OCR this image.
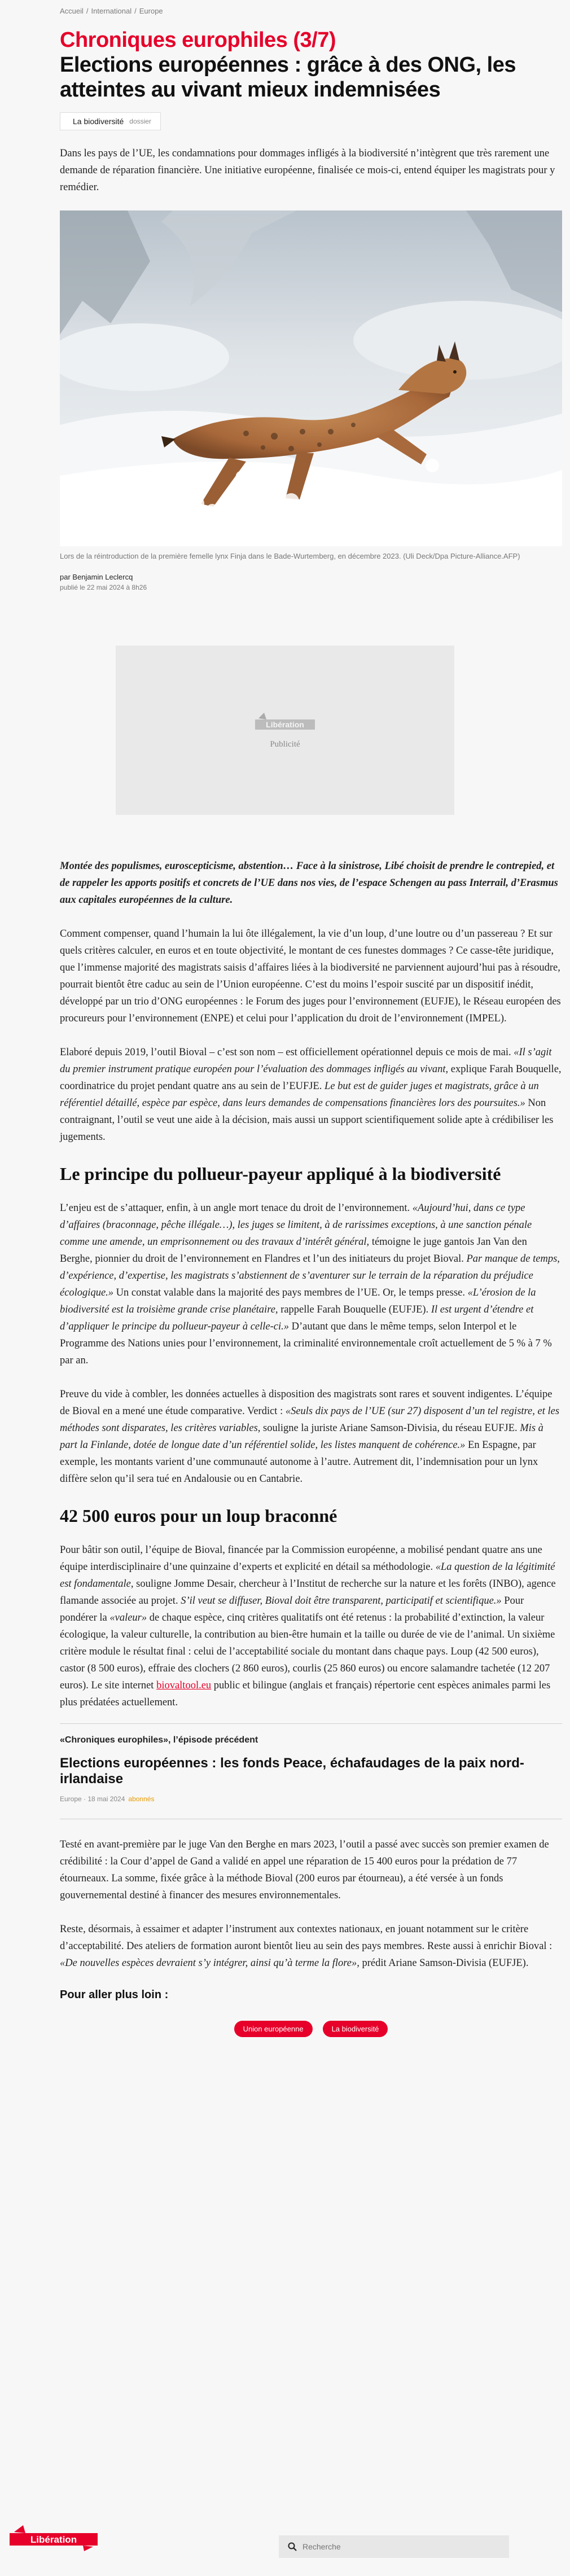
Accueil / International / Europe
Chroniques europhiles (3/7)
Elections européennes : grâce à des ONG, les atteintes au vivant mieux indemnisées
La biodiversité dossier

Dans les pays de l’UE, les condamnations pour dommages infligés à la biodiversité n’intègrent que très rarement une demande de réparation financière. Une initiative européenne, finalisée ce mois-ci, entend équiper les magistrats pour y remédier.

Lors de la réintroduction de la première femelle lynx Finja dans le Bade-Wurtemberg, en décembre 2023. (Uli Deck/Dpa Picture-Alliance.AFP)

par Benjamin Leclercq

publié le 22 mai 2024 à 8h26

Libération
Publicité

Montée des populismes, euroscepticisme, abstention… Face à la sinistrose, Libé choisit de prendre le contrepied, et de rappeler les apports positifs et concrets de l’UE dans nos vies, de l’espace Schengen au pass Interrail, d’Erasmus aux capitales européennes de la culture.

Comment compenser, quand l’humain la lui ôte illégalement, la vie d’un loup, d’une loutre ou d’un passereau ? Et sur quels critères calculer, en euros et en toute objectivité, le montant de ces funestes dommages ? Ce casse-tête juridique, que l’immense majorité des magistrats saisis d’affaires liées à la biodiversité ne parviennent aujourd’hui pas à résoudre, pourrait bientôt être caduc au sein de l’Union européenne. C’est du moins l’espoir suscité par un dispositif inédit, développé par un trio d’ONG européennes : le Forum des juges pour l’environnement (EUFJE), le Réseau européen des procureurs pour l’environnement (ENPE) et celui pour l’application du droit de l’environnement (IMPEL).

Elaboré depuis 2019, l’outil Bioval – c’est son nom – est officiellement opérationnel depuis ce mois de mai. «Il s’agit du premier instrument pratique européen pour l’évaluation des dommages infligés au vivant, explique Farah Bouquelle, coordinatrice du projet pendant quatre ans au sein de l’EUFJE. Le but est de guider juges et magistrats, grâce à un référentiel détaillé, espèce par espèce, dans leurs demandes de compensations financières lors des poursuites.» Non contraignant, l’outil se veut une aide à la décision, mais aussi un support scientifiquement solide apte à crédibiliser les jugements.

Le principe du pollueur-payeur appliqué à la biodiversité

L’enjeu est de s’attaquer, enfin, à un angle mort tenace du droit de l’environnement. «Aujourd’hui, dans ce type d’affaires (braconnage, pêche illégale…), les juges se limitent, à de rarissimes exceptions, à une sanction pénale comme une amende, un emprisonnement ou des travaux d’intérêt général, témoigne le juge gantois Jan Van den Berghe, pionnier du droit de l’environnement en Flandres et l’un des initiateurs du projet Bioval. Par manque de temps, d’expérience, d’expertise, les magistrats s’abstiennent de s’aventurer sur le terrain de la réparation du préjudice écologique.» Un constat valable dans la majorité des pays membres de l’UE. Or, le temps presse. «L’érosion de la biodiversité est la troisième grande crise planétaire, rappelle Farah Bouquelle (EUFJE). Il est urgent d’étendre et d’appliquer le principe du pollueur-payeur à celle-ci.» D’autant que dans le même temps, selon Interpol et le Programme des Nations unies pour l’environnement, la criminalité environnementale croît actuellement de 5 % à 7 % par an.

Preuve du vide à combler, les données actuelles à disposition des magistrats sont rares et souvent indigentes. L’équipe de Bioval en a mené une étude comparative. Verdict : «Seuls dix pays de l’UE (sur 27) disposent d’un tel registre, et les méthodes sont disparates, les critères variables, souligne la juriste Ariane Samson-Divisia, du réseau EUFJE. Mis à part la Finlande, dotée de longue date d’un référentiel solide, les listes manquent de cohérence.» En Espagne, par exemple, les montants varient d’une communauté autonome à l’autre. Autrement dit, l’indemnisation pour un lynx diffère selon qu’il sera tué en Andalousie ou en Cantabrie.

42 500 euros pour un loup braconné

Pour bâtir son outil, l’équipe de Bioval, financée par la Commission européenne, a mobilisé pendant quatre ans une équipe interdisciplinaire d’une quinzaine d’experts et explicité en détail sa méthodologie. «La question de la légitimité est fondamentale, souligne Jomme Desair, chercheur à l’Institut de recherche sur la nature et les forêts (INBO), agence flamande associée au projet. S’il veut se diffuser, Bioval doit être transparent, participatif et scientifique.» Pour pondérer la «valeur» de chaque espèce, cinq critères qualitatifs ont été retenus : la probabilité d’extinction, la valeur écologique, la valeur culturelle, la contribution au bien-être humain et la taille ou durée de vie de l’animal. Un sixième critère module le résultat final : celui de l’acceptabilité sociale du montant dans chaque pays. Loup (42 500 euros), castor (8 500 euros), effraie des clochers (2 860 euros), courlis (25 860 euros) ou encore salamandre tachetée (12 207 euros). Le site internet biovaltool.eu public et bilingue (anglais et français) répertorie cent espèces animales parmi les plus prédatées actuellement.

«Chroniques europhiles», l’épisode précédent
Elections européennes : les fonds Peace, échafaudages de la paix nord-irlandaise
Europe · 18 mai 2024 abonnés

Testé en avant-première par le juge Van den Berghe en mars 2023, l’outil a passé avec succès son premier examen de crédibilité : la Cour d’appel de Gand a validé en appel une réparation de 15 400 euros pour la prédation de 77 étourneaux. La somme, fixée grâce à la méthode Bioval (200 euros par étourneau), a été versée à un fonds gouvernemental destiné à financer des mesures environnementales.

Reste, désormais, à essaimer et adapter l’instrument aux contextes nationaux, en jouant notamment sur le critère d’acceptabilité. Des ateliers de formation auront bientôt lieu au sein des pays membres. Reste aussi à enrichir Bioval : «De nouvelles espèces devraient s’y intégrer, ainsi qu’à terme la flore», prédit Ariane Samson-Divisia (EUFJE).

Pour aller plus loin :
Union européenne	La biodiversité
Libération
Recherche
